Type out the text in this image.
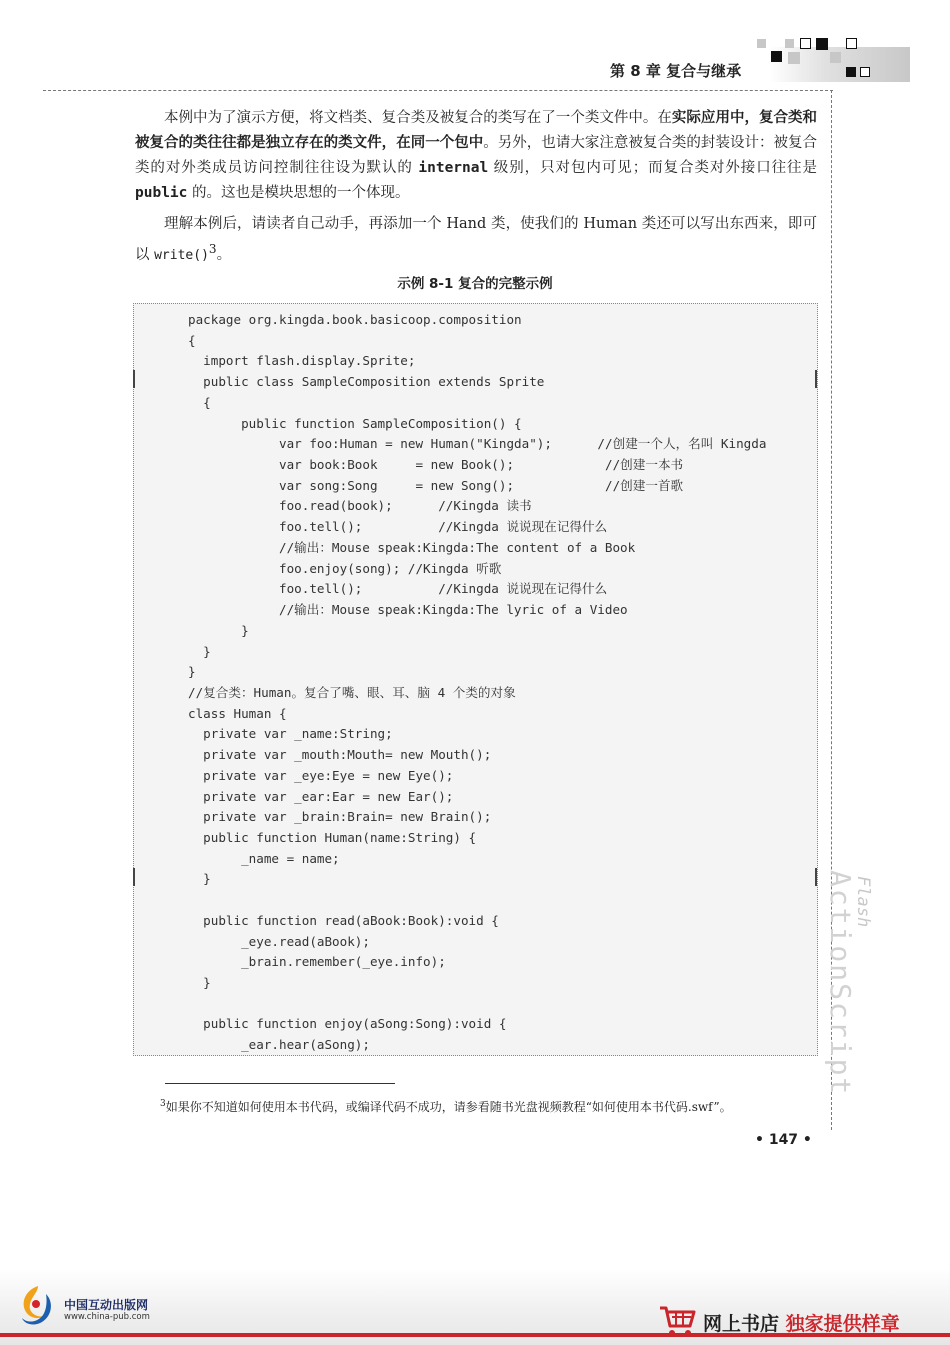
第 8 章 复合与继承
本例中为了演示方便，将文档类、复合类及被复合的类写在了一个类文件中。在实际应用中，复合类和被复合的类往往都是独立存在的类文件，在同一个包中。另外，也请大家注意被复合类的封装设计：被复合类的对外类成员访问控制往往设为默认的 internal 级别，只对包内可见；而复合类对外接口往往是 public 的。这也是模块思想的一个体现。
理解本例后，请读者自己动手，再添加一个 Hand 类，使我们的 Human 类还可以写出东西来，即可以 write()$^3$。
示例 8-1 复合的完整示例
package org.kingda.book.basicoop.composition
{
import flash.display.Sprite;
public class SampleComposition extends Sprite
{
public function SampleComposition() {
var foo:Human = new Human("Kingda");      //创建一个人，名叫 Kingda
var book:Book     = new Book();            //创建一本书
var song:Song     = new Song();            //创建一首歌
foo.read(book);      //Kingda 读书
foo.tell();          //Kingda 说说现在记得什么
//输出：Mouse speak:Kingda:The content of a Book
foo.enjoy(song); //Kingda 听歌
foo.tell();          //Kingda 说说现在记得什么
//输出：Mouse speak:Kingda:The lyric of a Video
}
}
}
//复合类：Human。复合了嘴、眼、耳、脑 4 个类的对象
class Human {
private var _name:String;
private var _mouth:Mouth= new Mouth();
private var _eye:Eye = new Eye();
private var _ear:Ear = new Ear();
private var _brain:Brain= new Brain();
public function Human(name:String) {
_name = name;
}
public function read(aBook:Book):void {
_eye.read(aBook);
_brain.remember(_eye.info);
}
public function enjoy(aSong:Song):void {
_ear.hear(aSong);
Flash
ActionScript
$^3$如果你不知道如何使用本书代码，或编译代码不成功，请参看随书光盘视频教程“如何使用本书代码.swf”。
• 147 •
中国互动出版网
www.china-pub.com	网上书店 独家提供样章
